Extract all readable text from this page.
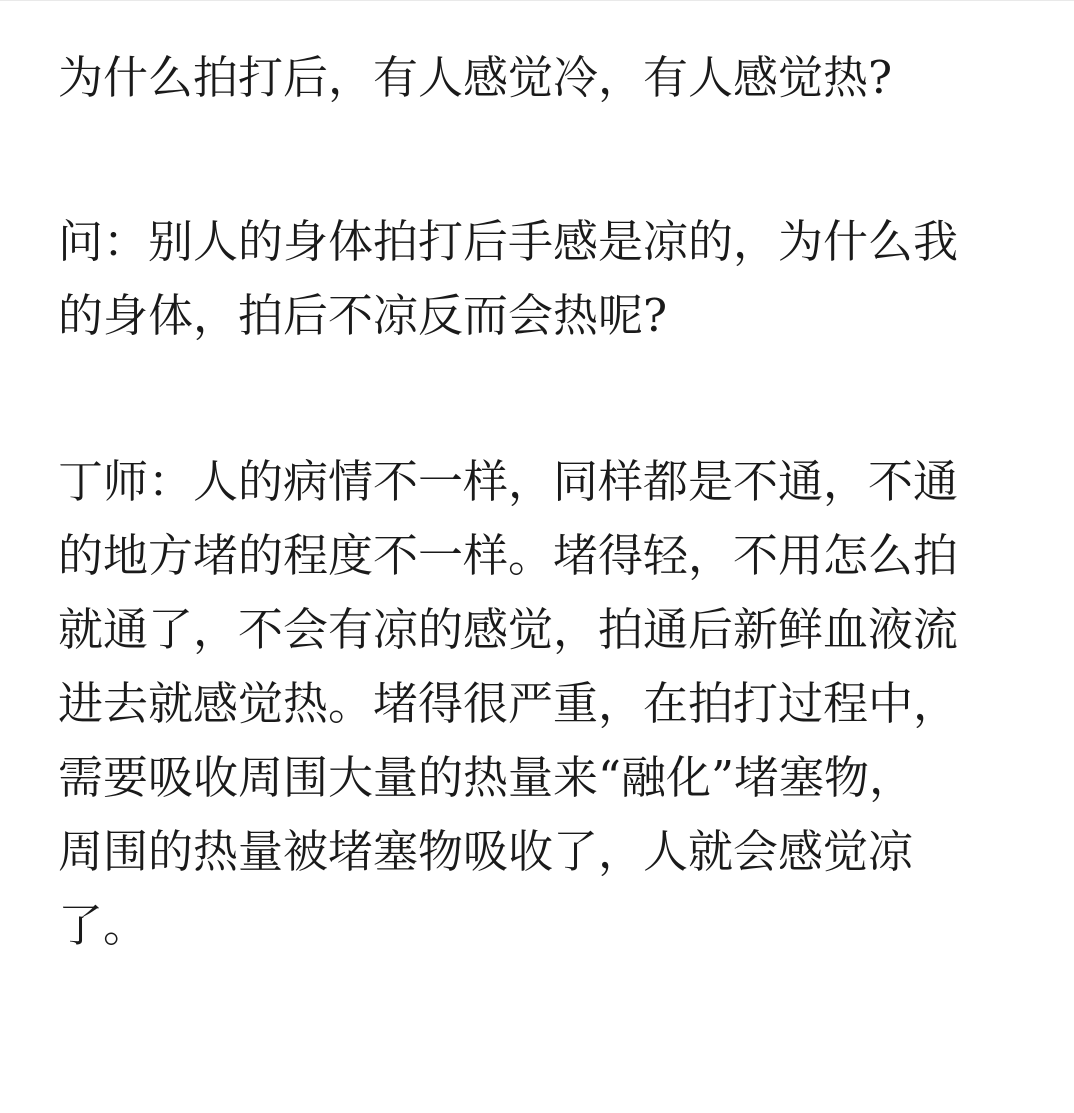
为什么拍打后，有人感觉冷，有人感觉热?
问：别人的身体拍打后手感是凉的，为什么我
的身体，拍后不凉反而会热呢?
丁师：人的病情不一样，同样都是不通，不通
的地方堵的程度不一样。堵得轻，不用怎么拍
就通了，不会有凉的感觉，拍通后新鲜血液流
进去就感觉热。堵得很严重，在拍打过程中，
需要吸收周围大量的热量来“融化”堵塞物，
周围的热量被堵塞物吸收了，人就会感觉凉
了。
